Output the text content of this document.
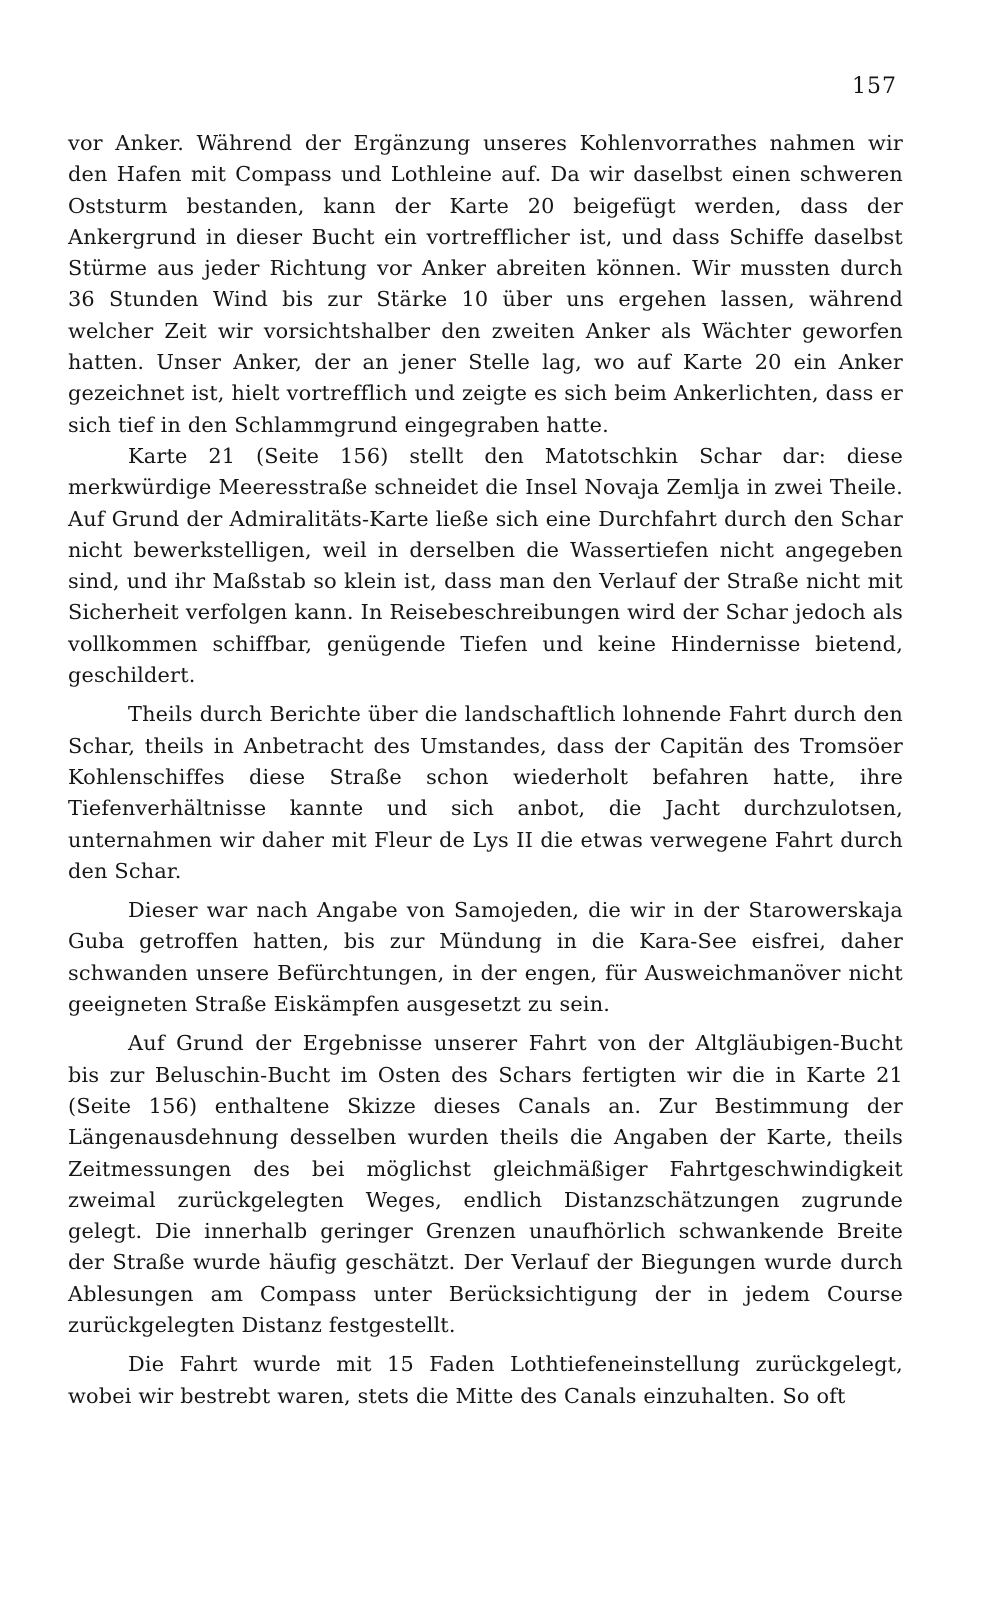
157

vor Anker. Während der Ergänzung unseres Kohlenvorrathes nahmen wir den Hafen mit Compass und Lothleine auf. Da wir daselbst einen schweren Oststurm bestanden, kann der Karte 20 beigefügt werden, dass der Ankergrund in dieser Bucht ein vortrefflicher ist, und dass Schiffe daselbst Stürme aus jeder Richtung vor Anker abreiten können. Wir mussten durch 36 Stunden Wind bis zur Stärke 10 über uns ergehen lassen, während welcher Zeit wir vorsichtshalber den zweiten Anker als Wächter geworfen hatten. Unser Anker, der an jener Stelle lag, wo auf Karte 20 ein Anker gezeichnet ist, hielt vortrefflich und zeigte es sich beim Ankerlichten, dass er sich tief in den Schlammgrund eingegraben hatte.

Karte 21 (Seite 156) stellt den Matotschkin Schar dar: diese merkwürdige Meeresstraße schneidet die Insel Novaja Zemlja in zwei Theile. Auf Grund der Admiralitäts-Karte ließe sich eine Durchfahrt durch den Schar nicht bewerkstelligen, weil in derselben die Wassertiefen nicht angegeben sind, und ihr Maßstab so klein ist, dass man den Verlauf der Straße nicht mit Sicherheit verfolgen kann. In Reisebeschreibungen wird der Schar jedoch als vollkommen schiffbar, genügende Tiefen und keine Hindernisse bietend, geschildert.

Theils durch Berichte über die landschaftlich lohnende Fahrt durch den Schar, theils in Anbetracht des Umstandes, dass der Capitän des Tromsöer Kohlenschiffes diese Straße schon wiederholt befahren hatte, ihre Tiefenverhältnisse kannte und sich anbot, die Jacht durchzulotsen, unternahmen wir daher mit Fleur de Lys II die etwas verwegene Fahrt durch den Schar.

Dieser war nach Angabe von Samojeden, die wir in der Starowerskaja Guba getroffen hatten, bis zur Mündung in die Kara-See eisfrei, daher schwanden unsere Befürchtungen, in der engen, für Ausweichmanöver nicht geeigneten Straße Eiskämpfen ausgesetzt zu sein.

Auf Grund der Ergebnisse unserer Fahrt von der Altgläubigen-Bucht bis zur Beluschin-Bucht im Osten des Schars fertigten wir die in Karte 21 (Seite 156) enthaltene Skizze dieses Canals an. Zur Bestimmung der Längenausdehnung desselben wurden theils die Angaben der Karte, theils Zeitmessungen des bei möglichst gleichmäßiger Fahrtgeschwindigkeit zweimal zurückgelegten Weges, endlich Distanzschätzungen zugrunde gelegt. Die innerhalb geringer Grenzen unaufhörlich schwankende Breite der Straße wurde häufig geschätzt. Der Verlauf der Biegungen wurde durch Ablesungen am Compass unter Berücksichtigung der in jedem Course zurückgelegten Distanz festgestellt.

Die Fahrt wurde mit 15 Faden Lothtiefeneinstellung zurückgelegt, wobei wir bestrebt waren, stets die Mitte des Canals einzuhalten. So oft
